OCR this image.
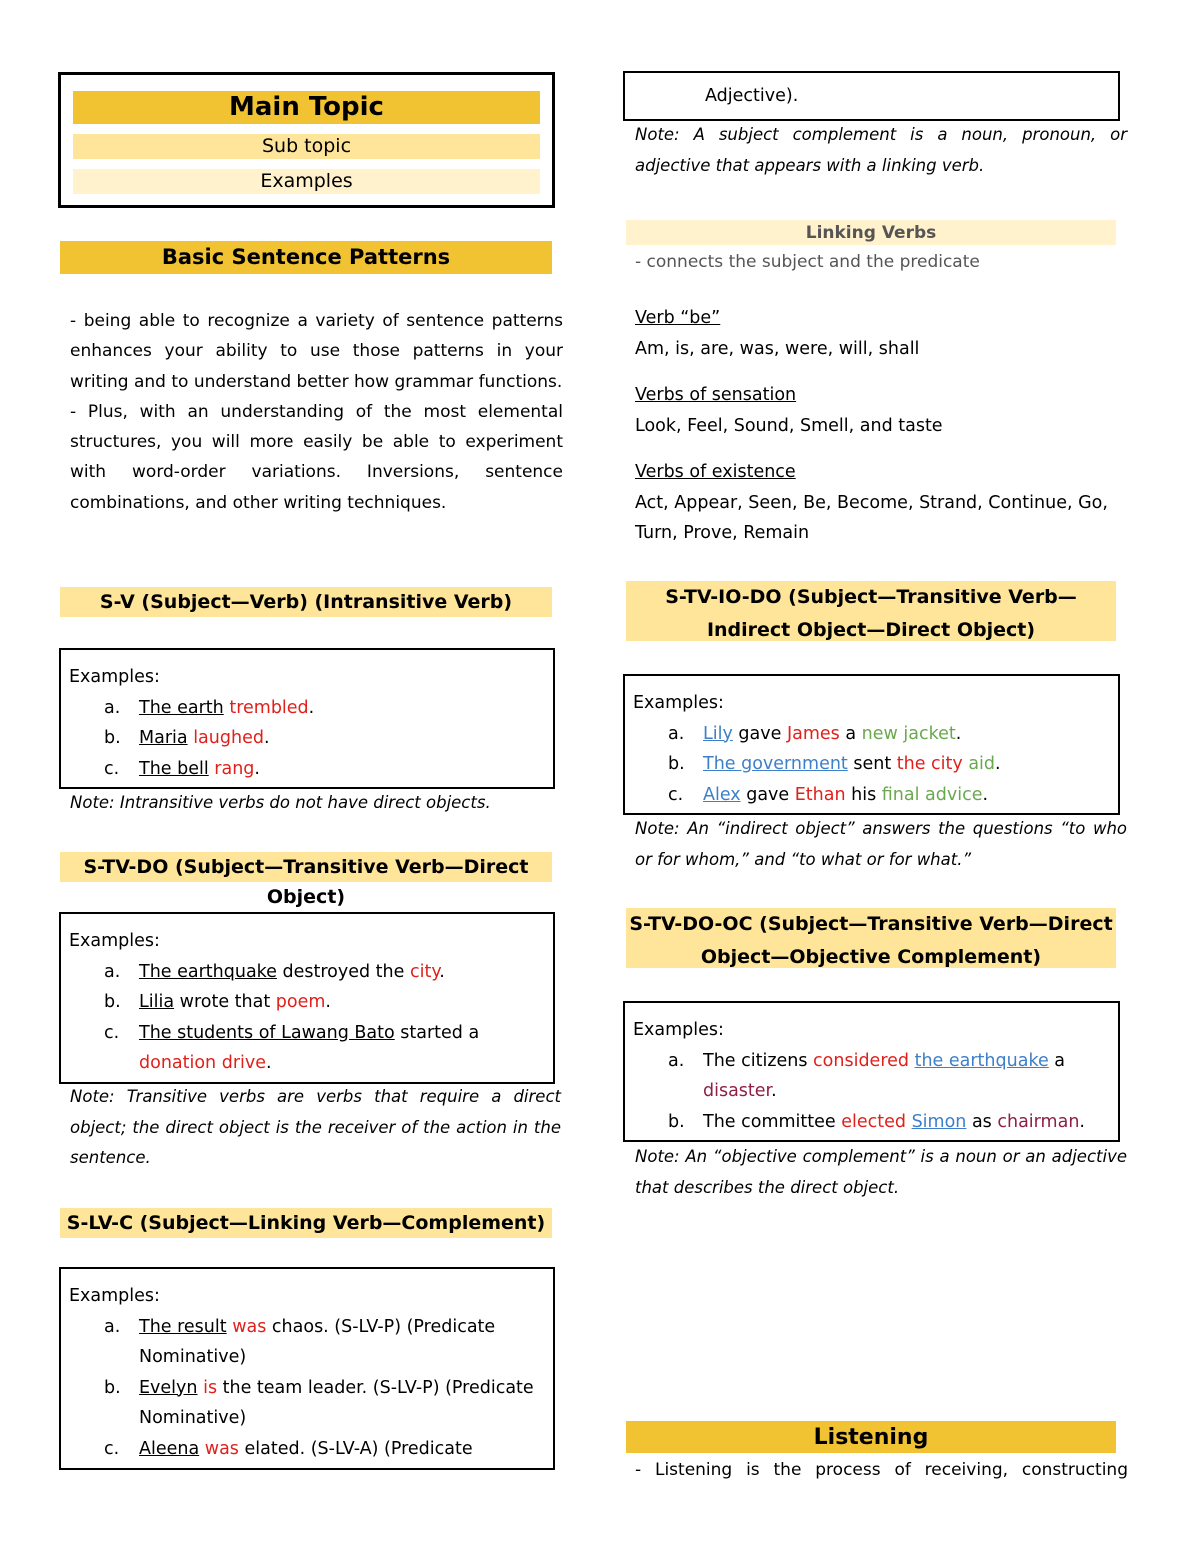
Main Topic
Sub topic
Examples
Basic Sentence Patterns

- being able to recognize a variety of sentence patterns enhances your ability to use those patterns in your writing and to understand better how grammar functions.

- Plus, with an understanding of the most elemental structures, you will more easily be able to experiment with word-order variations. Inversions, sentence combinations, and other writing techniques.

S-V (Subject—Verb) (Intransitive Verb)

Examples:

a. The earth trembled.
b. Maria laughed.
c. The bell rang.
Note: Intransitive verbs do not have direct objects.
S-TV-DO (Subject—Transitive Verb—Direct Object)

Examples:

a. The earthquake destroyed the city.
b. Lilia wrote that poem.
c. The students of Lawang Bato started a
donation drive.
Note: Transitive verbs are verbs that require a direct object; the direct object is the receiver of the action in the sentence.
S-LV-C (Subject—Linking Verb—Complement)

Examples:

a. The result was chaos. (S-LV-P) (Predicate
Nominative)
b. Evelyn is the team leader. (S-LV-P) (Predicate
Nominative)
c. Aleena was elated. (S-LV-A) (Predicate
Adjective).
Note: A subject complement is a noun, pronoun, or adjective that appears with a linking verb.
Linking Verbs
- connects the subject and the predicate

Verb “be”

Am, is, are, was, were, will, shall

Verbs of sensation

Look, Feel, Sound, Smell, and taste

Verbs of existence

Act, Appear, Seen, Be, Become, Strand, Continue, Go, Turn, Prove, Remain

S-TV-IO-DO (Subject—Transitive Verb—Indirect Object—Direct Object)

Examples:

a. Lily gave James a new jacket.
b. The government sent the city aid.
c. Alex gave Ethan his final advice.
Note: An “indirect object” answers the questions “to who or for whom,” and “to what or for what.”
S-TV-DO-OC (Subject—Transitive Verb—Direct Object—Objective Complement)

Examples:

a. The citizens considered the earthquake a
disaster.
b. The committee elected Simon as chairman.
Note: An “objective complement” is a noun or an adjective that describes the direct object.
Listening
- Listening is the process of receiving, constructing
